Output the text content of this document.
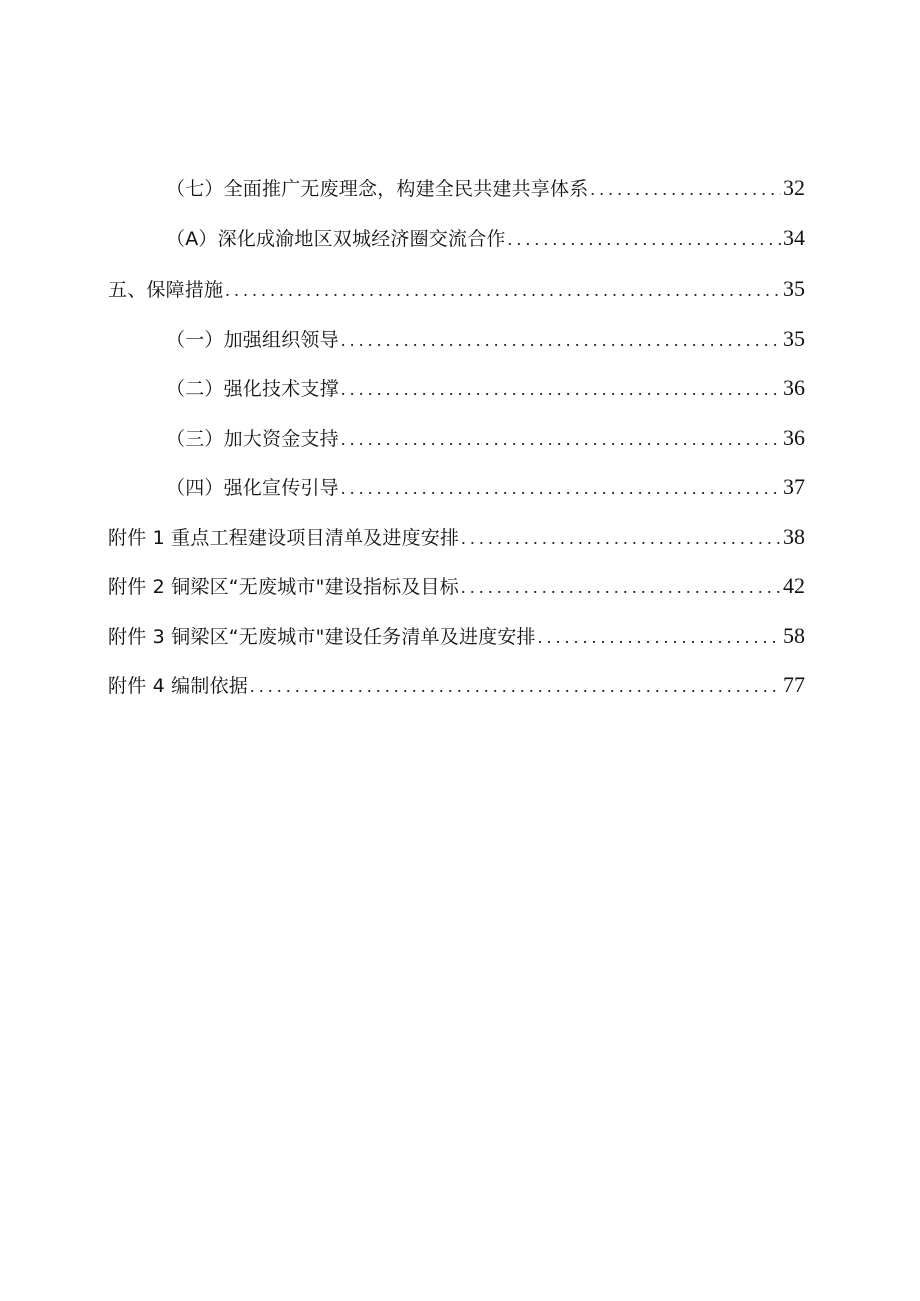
（七）全面推广无废理念，构建全民共建共享体系 . . .	32
（A）深化成渝地区双城经济圈交流合作 . . .	34
五、保障措施 . . .	35
（一）加强组织领导 . . .	35
（二）强化技术支撑 . . .	36
（三）加大资金支持 . . .	36
（四）强化宣传引导 . . .	37
附件 1 重点工程建设项目清单及进度安排 . . .	38
附件 2 铜梁区“无废城市"建设指标及目标 . . .	42
附件 3 铜梁区“无废城市"建设任务清单及进度安排 . . .	58
附件 4 编制依据 . . .	77
